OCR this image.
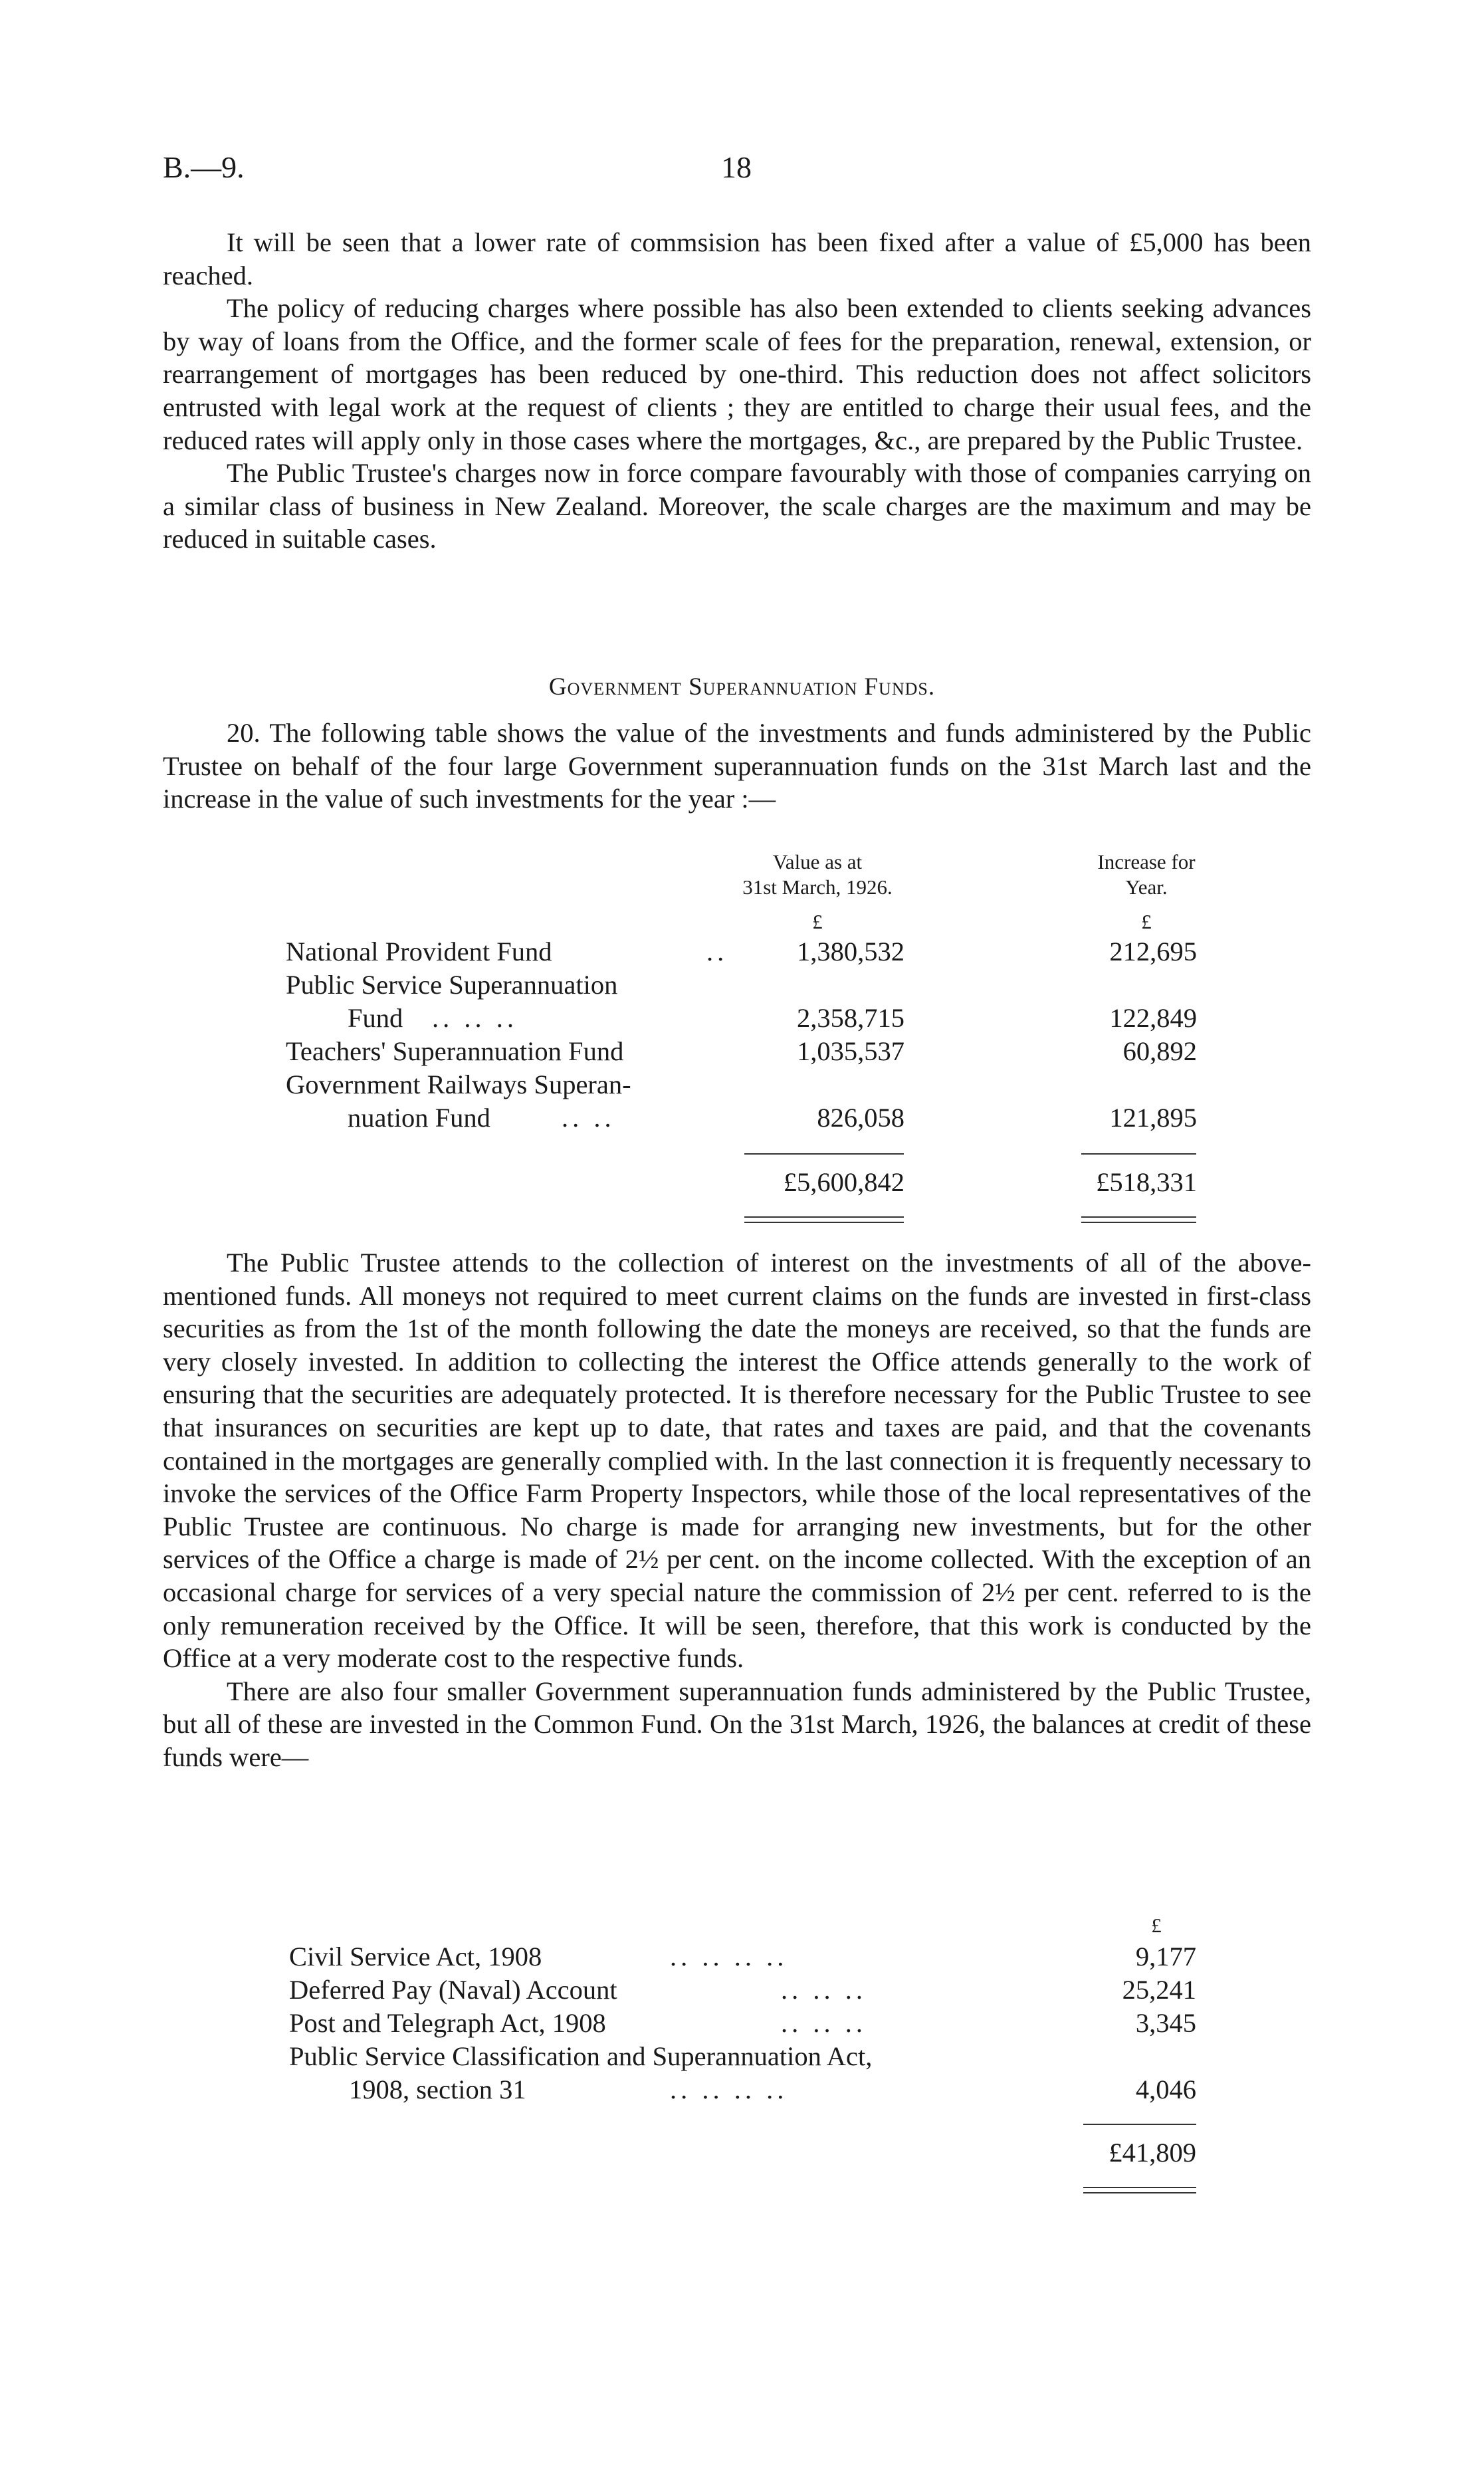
B.—9.	18

It will be seen that a lower rate of commsision has been fixed after a value of £5,000 has been reached.

The policy of reducing charges where possible has also been extended to clients seeking advances by way of loans from the Office, and the former scale of fees for the preparation, renewal, extension, or rearrangement of mortgages has been reduced by one-third. This reduction does not affect solicitors entrusted with legal work at the request of clients ; they are entitled to charge their usual fees, and the reduced rates will apply only in those cases where the mortgages, &c., are prepared by the Public Trustee.

The Public Trustee's charges now in force compare favourably with those of companies carrying on a similar class of business in New Zealand. Moreover, the scale charges are the maximum and may be reduced in suitable cases.

Government Superannuation Funds.

20. The following table shows the value of the investments and funds administered by the Public Trustee on behalf of the four large Government superannuation funds on the 31st March last and the increase in the value of such investments for the year :—

Value as at
31st March, 1926.
Increase for
Year.
£	£
National Provident Fund	..	1,380,532	212,695
Public Service Superannuation
Fund .. .. ..	2,358,715	122,849
Teachers' Superannuation Fund	1,035,537	60,892
Government Railways Superan-
nuation Fund	.. ..	826,058	121,895
£5,600,842	£518,331

The Public Trustee attends to the collection of interest on the investments of all of the above-mentioned funds. All moneys not required to meet current claims on the funds are invested in first-class securities as from the 1st of the month following the date the moneys are received, so that the funds are very closely invested. In addition to collecting the interest the Office attends generally to the work of ensuring that the securities are adequately protected. It is therefore necessary for the Public Trustee to see that insurances on securities are kept up to date, that rates and taxes are paid, and that the covenants contained in the mortgages are generally complied with. In the last connection it is frequently necessary to invoke the services of the Office Farm Property Inspectors, while those of the local representatives of the Public Trustee are continuous. No charge is made for arranging new investments, but for the other services of the Office a charge is made of 2½ per cent. on the income collected. With the exception of an occasional charge for services of a very special nature the commission of 2½ per cent. referred to is the only remuneration received by the Office. It will be seen, therefore, that this work is conducted by the Office at a very moderate cost to the respective funds.

There are also four smaller Government superannuation funds administered by the Public Trustee, but all of these are invested in the Common Fund. On the 31st March, 1926, the balances at credit of these funds were—

£
Civil Service Act, 1908	.. .. .. ..	9,177
Deferred Pay (Naval) Account	.. .. ..	25,241
Post and Telegraph Act, 1908	.. .. ..	3,345
Public Service Classification and Superannuation Act,
1908, section 31	.. .. .. ..	4,046
£41,809
